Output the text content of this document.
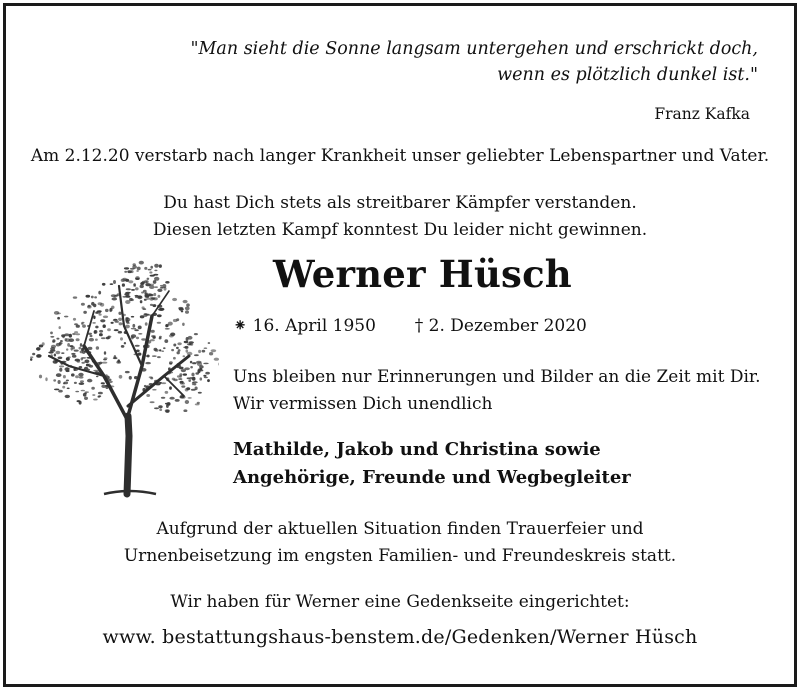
"Man sieht die Sonne langsam untergehen und erschrickt doch,
wenn es plötzlich dunkel ist."
Franz Kafka
Am 2.12.20 verstarb nach langer Krankheit unser geliebter Lebenspartner und Vater.
Du hast Dich stets als streitbarer Kämpfer verstanden.
Diesen letzten Kampf konntest Du leider nicht gewinnen.
Werner Hüsch
⁕ 16. April 1950 † 2. Dezember 2020
Uns bleiben nur Erinnerungen und Bilder an die Zeit mit Dir.
Wir vermissen Dich unendlich
Mathilde, Jakob und Christina sowie
Angehörige, Freunde und Wegbegleiter
Aufgrund der aktuellen Situation finden Trauerfeier und
Urnenbeisetzung im engsten Familien- und Freundeskreis statt.
Wir haben für Werner eine Gedenkseite eingerichtet:
www. bestattungshaus-benstem.de/Gedenken/Werner Hüsch
